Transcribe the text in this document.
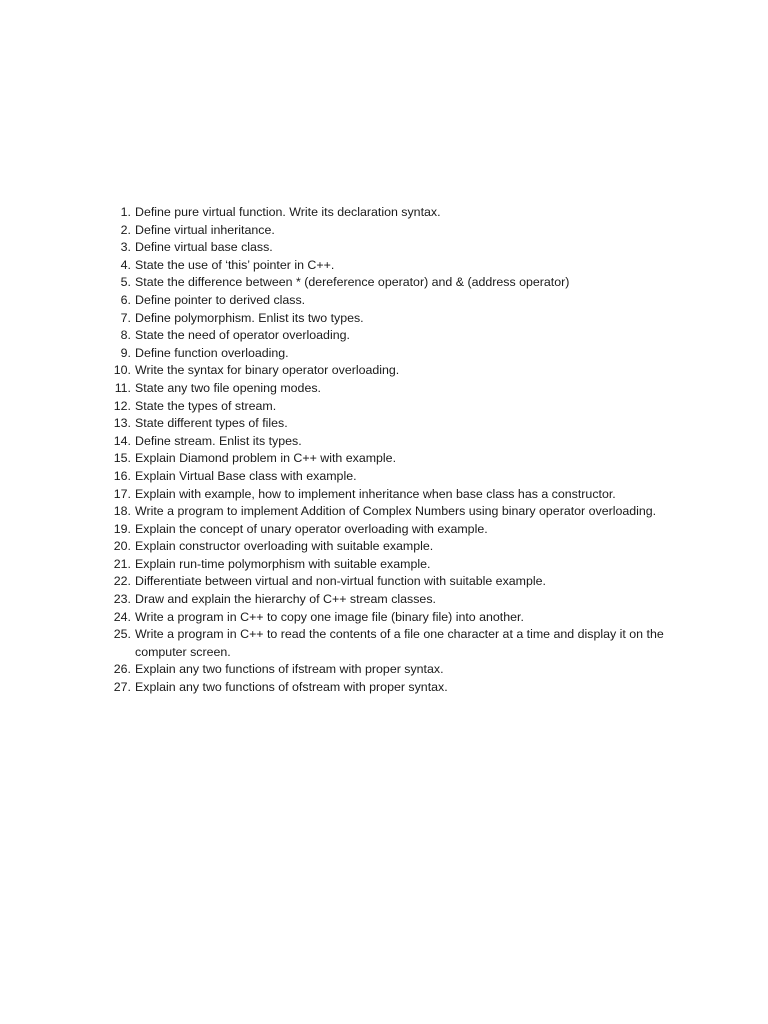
1. Define pure virtual function. Write its declaration syntax.
2. Define virtual inheritance.
3. Define virtual base class.
4. State the use of ‘this’ pointer in C++.
5. State the difference between * (dereference operator) and & (address operator)
6. Define pointer to derived class.
7. Define polymorphism. Enlist its two types.
8. State the need of operator overloading.
9. Define function overloading.
10. Write the syntax for binary operator overloading.
11. State any two file opening modes.
12. State the types of stream.
13. State different types of files.
14. Define stream. Enlist its types.
15. Explain Diamond problem in C++ with example.
16. Explain Virtual Base class with example.
17. Explain with example, how to implement inheritance when base class has a constructor.
18. Write a program to implement Addition of Complex Numbers using binary operator overloading.
19. Explain the concept of unary operator overloading with example.
20. Explain constructor overloading with suitable example.
21. Explain run-time polymorphism with suitable example.
22. Differentiate between virtual and non-virtual function with suitable example.
23. Draw and explain the hierarchy of C++ stream classes.
24. Write a program in C++ to copy one image file (binary file) into another.
25. Write a program in C++ to read the contents of a file one character at a time and display it on the computer screen.
26. Explain any two functions of ifstream with proper syntax.
27. Explain any two functions of ofstream with proper syntax.
